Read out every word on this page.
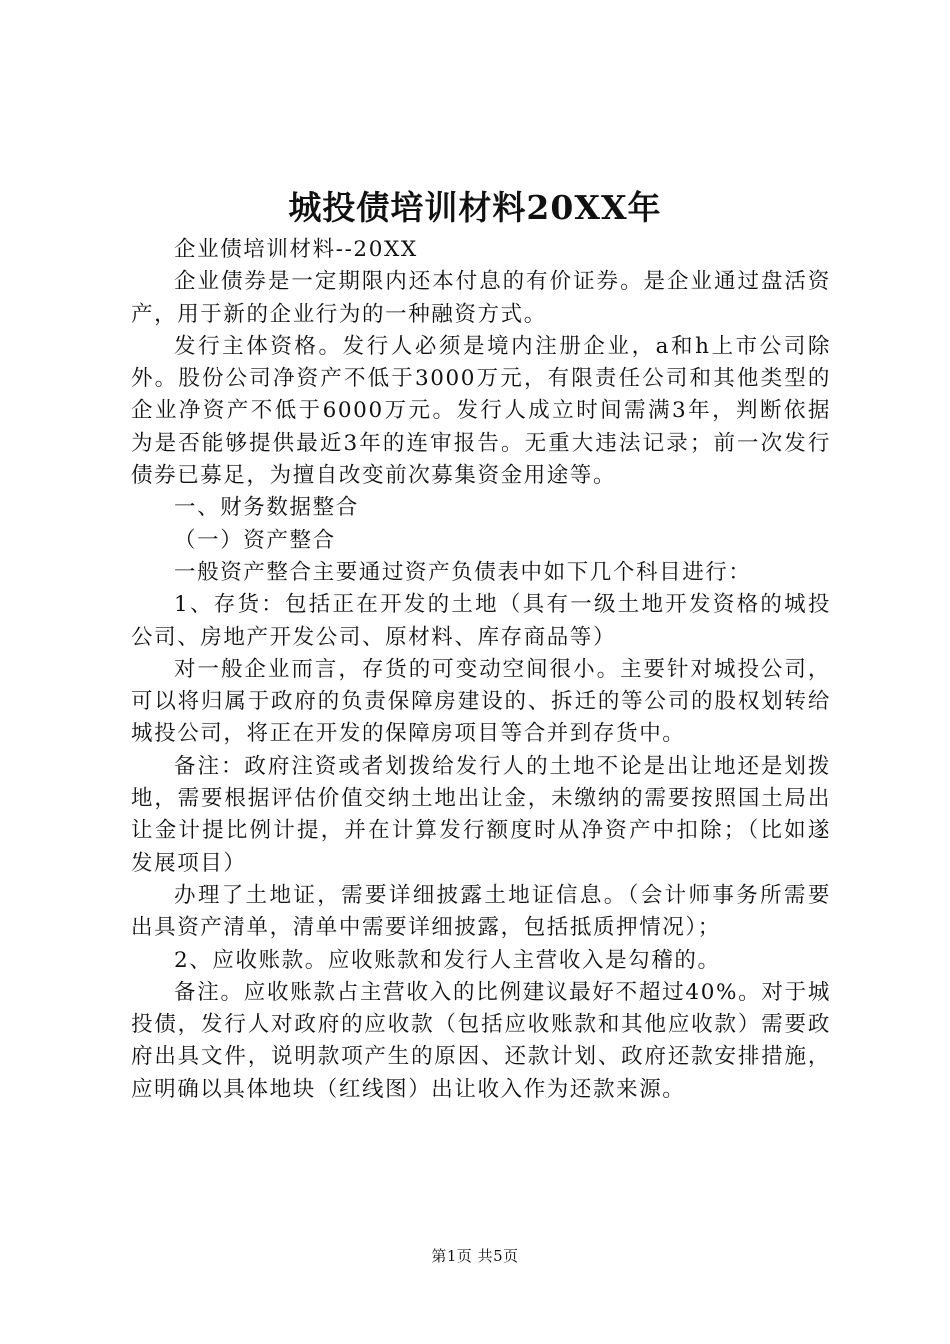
城投债培训材料20XX年

企业债培训材料--20XX

企业债券是一定期限内还本付息的有价证券。是企业通过盘活资产，用于新的企业行为的一种融资方式。

发行主体资格。发行人必须是境内注册企业，a和h上市公司除外。股份公司净资产不低于3000万元，有限责任公司和其他类型的企业净资产不低于6000万元。发行人成立时间需满3年，判断依据为是否能够提供最近3年的连审报告。无重大违法记录；前一次发行债券已募足，为擅自改变前次募集资金用途等。

一、财务数据整合

（一）资产整合

一般资产整合主要通过资产负债表中如下几个科目进行：

1、存货：包括正在开发的土地（具有一级土地开发资格的城投公司、房地产开发公司、原材料、库存商品等）

对一般企业而言，存货的可变动空间很小。主要针对城投公司，可以将归属于政府的负责保障房建设的、拆迁的等公司的股权划转给城投公司，将正在开发的保障房项目等合并到存货中。

备注：政府注资或者划拨给发行人的土地不论是出让地还是划拨地，需要根据评估价值交纳土地出让金，未缴纳的需要按照国土局出让金计提比例计提，并在计算发行额度时从净资产中扣除；（比如遂发展项目）

办理了土地证，需要详细披露土地证信息。（会计师事务所需要出具资产清单，清单中需要详细披露，包括抵质押情况）；

2、应收账款。应收账款和发行人主营收入是勾稽的。

备注。应收账款占主营收入的比例建议最好不超过40%。对于城投债，发行人对政府的应收款（包括应收账款和其他应收款）需要政府出具文件，说明款项产生的原因、还款计划、政府还款安排措施，应明确以具体地块（红线图）出让收入作为还款来源。

第1页 共5页
